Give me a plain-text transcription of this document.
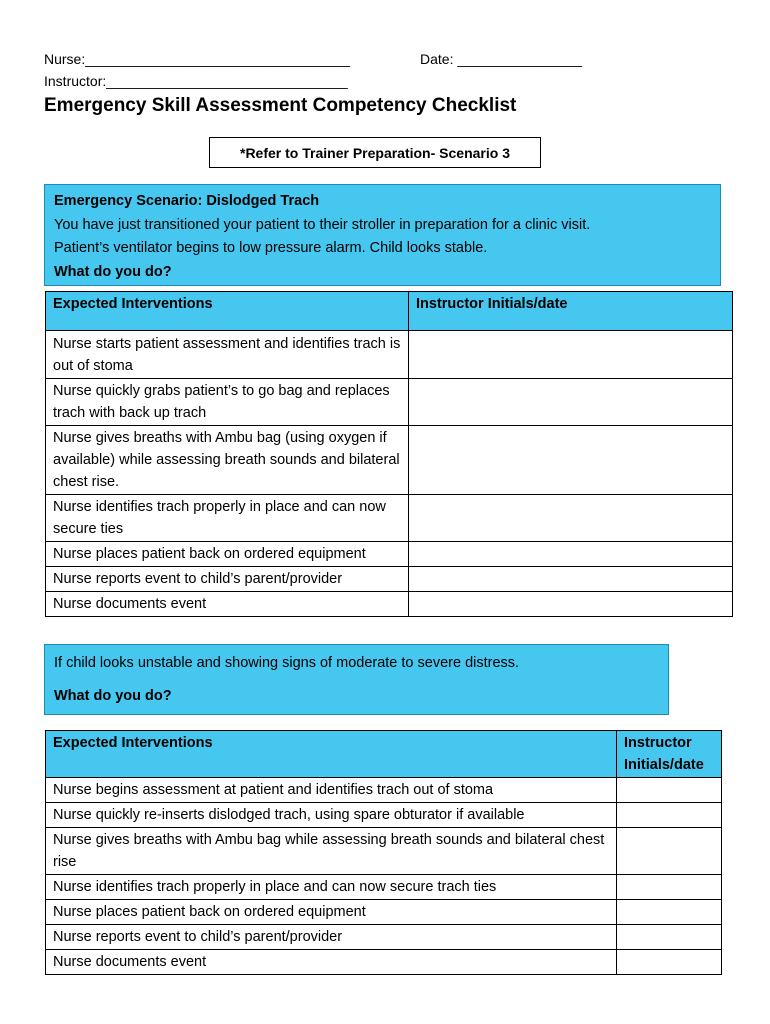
Nurse:__________________________________	Date: ________________
Instructor:_______________________________
Emergency Skill Assessment Competency Checklist
*Refer to Trainer Preparation- Scenario 3
Emergency Scenario: Dislodged Trach
You have just transitioned your patient to their stroller in preparation for a clinic visit.
Patient’s ventilator begins to low pressure alarm. Child looks stable.
What do you do?
Expected Interventions	Instructor Initials/date
Nurse starts patient assessment and identifies trach is out of stoma	
Nurse quickly grabs patient’s to go bag and replaces trach with back up trach	
Nurse gives breaths with Ambu bag (using oxygen if available) while assessing breath sounds and bilateral chest rise.	
Nurse identifies trach properly in place and can now secure ties	
Nurse places patient back on ordered equipment	
Nurse reports event to child’s parent/provider	
Nurse documents event	
If child looks unstable and showing signs of moderate to severe distress.
What do you do?
Expected Interventions	Instructor Initials/date
Nurse begins assessment at patient and identifies trach out of stoma	
Nurse quickly re-inserts dislodged trach, using spare obturator if available	
Nurse gives breaths with Ambu bag while assessing breath sounds and bilateral chest rise	
Nurse identifies trach properly in place and can now secure trach ties	
Nurse places patient back on ordered equipment	
Nurse reports event to child’s parent/provider	
Nurse documents event	
